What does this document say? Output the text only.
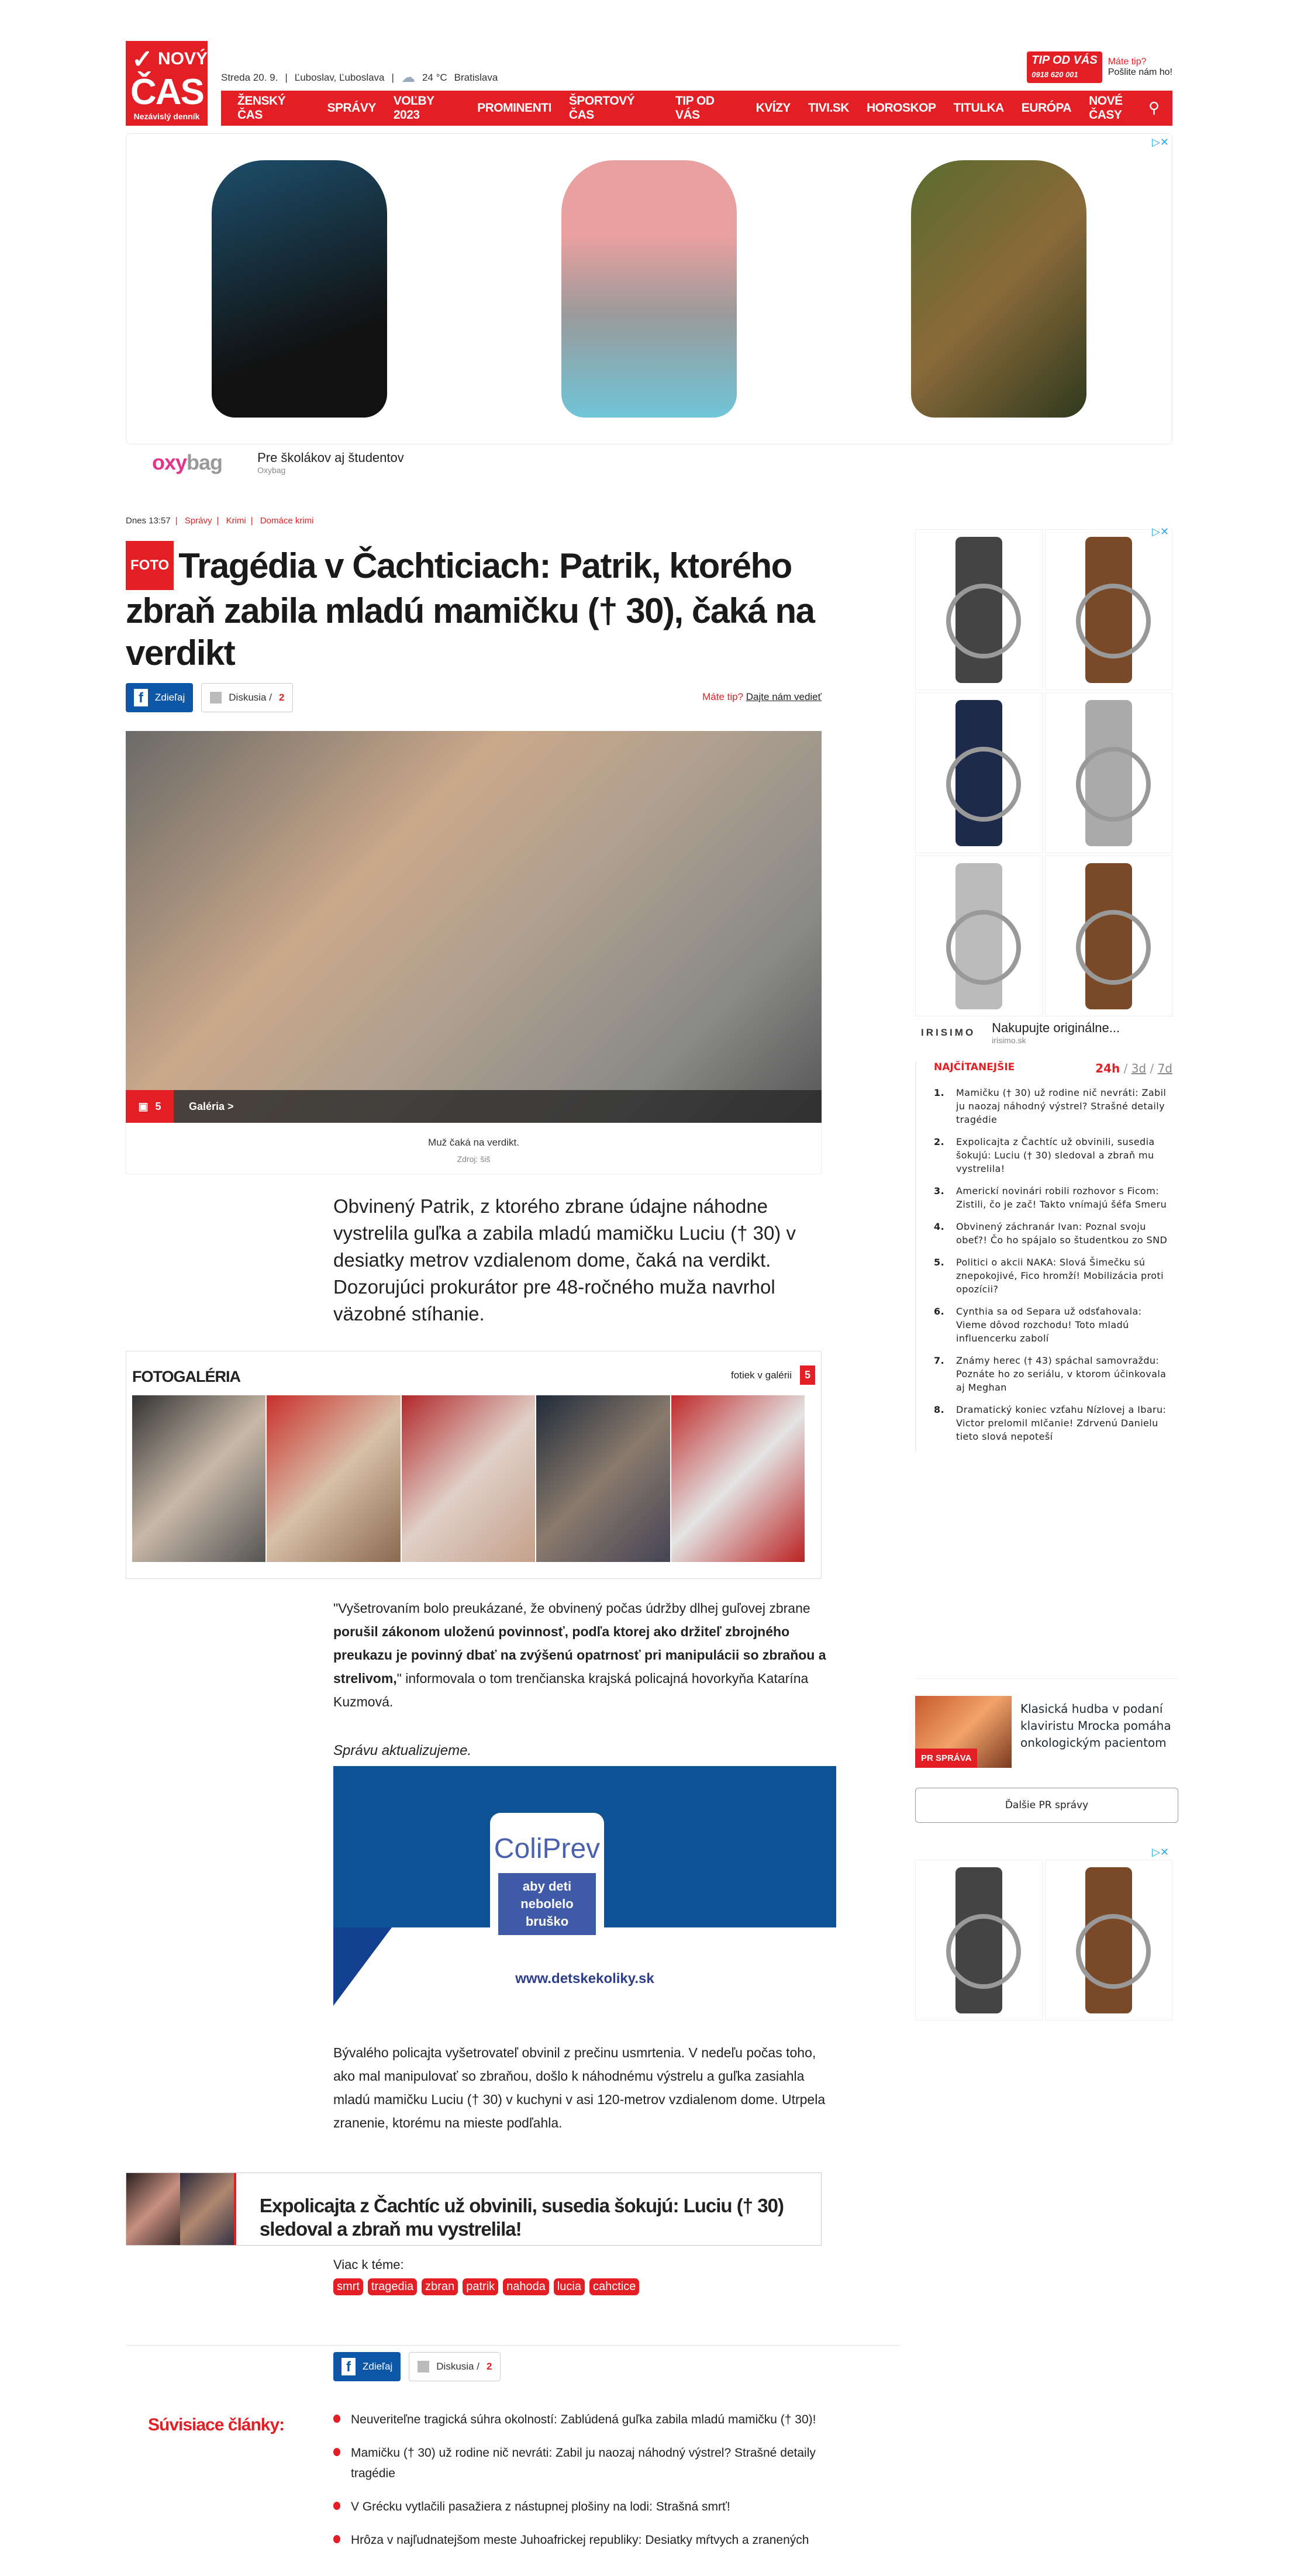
✓ NOVÝ
ČAS
Nezávislý denník
Streda 20. 9. | Ľuboslav, Ľuboslava | ☁ 24 °C Bratislava
TIP OD VÁS
0918 620 001
Máte tip?
Pošlite nám ho!
ŽENSKÝ ČAS
SPRÁVY
VOĽBY 2023
PROMINENTI
ŠPORTOVÝ ČAS
TIP OD VÁS
KVÍZY TIVI.SK HOROSKOP TITULKA EURÓPA
NOVÉ ČASY	⚲
▷✕
oxybag	Pre školákov aj študentov
Oxybag
Dnes 13:57 | Správy | Krimi | Domáce krimi
FOTO Tragédia v Čachticiach: Patrik, ktorého zbraň zabila mladú mamičku († 30), čaká na verdikt
f	Zdieľaj	Diskusia / 2	Máte tip? Dajte nám vedieť
▣ 5	Galéria >
Muž čaká na verdikt.
Zdroj: šiš

Obvinený Patrik, z ktorého zbrane údajne náhodne vystrelila guľka a zabila mladú mamičku Luciu († 30) v desiatky metrov vzdialenom dome, čaká na verdikt. Dozorujúci prokurátor pre 48-ročného muža navrhol väzobné stíhanie.

FOTOGALÉRIA	fotiek v galérii	5

"Vyšetrovaním bolo preukázané, že obvinený počas údržby dlhej guľovej zbrane porušil zákonom uloženú povinnosť, podľa ktorej ako držiteľ zbrojného preukazu je povinný dbať na zvýšenú opatrnosť pri manipulácii so zbraňou a strelivom," informovala o tom trenčianska krajská policajná hovorkyňa Katarína Kuzmová.

Správu aktualizujeme.

ColiPrev
aby deti
nebolelo bruško
www.detskekoliky.sk

Bývalého policajta vyšetrovateľ obvinil z prečinu usmrtenia. V nedeľu počas toho, ako mal manipulovať so zbraňou, došlo k náhodnému výstrelu a guľka zasiahla mladú mamičku Luciu († 30) v kuchyni v asi 120-metrov vzdialenom dome. Utrpela zranenie, ktorému na mieste podľahla.

Expolicajta z Čachtíc už obvinili, susedia šokujú: Luciu († 30) sledoval a zbraň mu vystrelila!
Viac k téme:
smrt	tragedia	zbran	patrik	nahoda	lucia	cahctice
f	Zdieľaj	Diskusia / 2
Súvisiace články:	Neuveriteľne tragická súhra okolností: Zablúdená guľka zabila mladú mamičku († 30)!
Mamičku († 30) už rodine nič nevráti: Zabil ju naozaj náhodný výstrel? Strašné detaily tragédie
V Grécku vytlačili pasažiera z nástupnej plošiny na lodi: Strašná smrť!
Hrôza v najľudnatejšom meste Juhoafrickej republiky: Desiatky mŕtvych a zranených
▷✕
IRISIMO Nakupujte originálne...
irisimo.sk
NAJČÍTANEJŠIE	24h / 3d / 7d
1.	Mamičku († 30) už rodine nič nevráti: Zabil ju naozaj náhodný výstrel? Strašné detaily tragédie
2.	Expolicajta z Čachtíc už obvinili, susedia šokujú: Luciu († 30) sledoval a zbraň mu vystrelila!
3.	Americkí novinári robili rozhovor s Ficom: Zistili, čo je zač! Takto vnímajú šéfa Smeru
4.	Obvinený záchranár Ivan: Poznal svoju obeť?! Čo ho spájalo so študentkou zo SND
5.	Politici o akcii NAKA: Slová Šimečku sú znepokojivé, Fico hromží! Mobilizácia proti opozícii?
6.	Cynthia sa od Separa už odsťahovala: Vieme dôvod rozchodu! Toto mladú influencerku zabolí
7.	Známy herec († 43) spáchal samovraždu: Poznáte ho zo seriálu, v ktorom účinkovala aj Meghan
8.	Dramatický koniec vzťahu Nízlovej a Ibaru: Victor prelomil mlčanie! Zdrvenú Danielu tieto slová nepoteší
PR SPRÁVA
Klasická hudba v podaní klaviristu Mrocka pomáha onkologickým pacientom
Ďalšie PR správy
▷✕
